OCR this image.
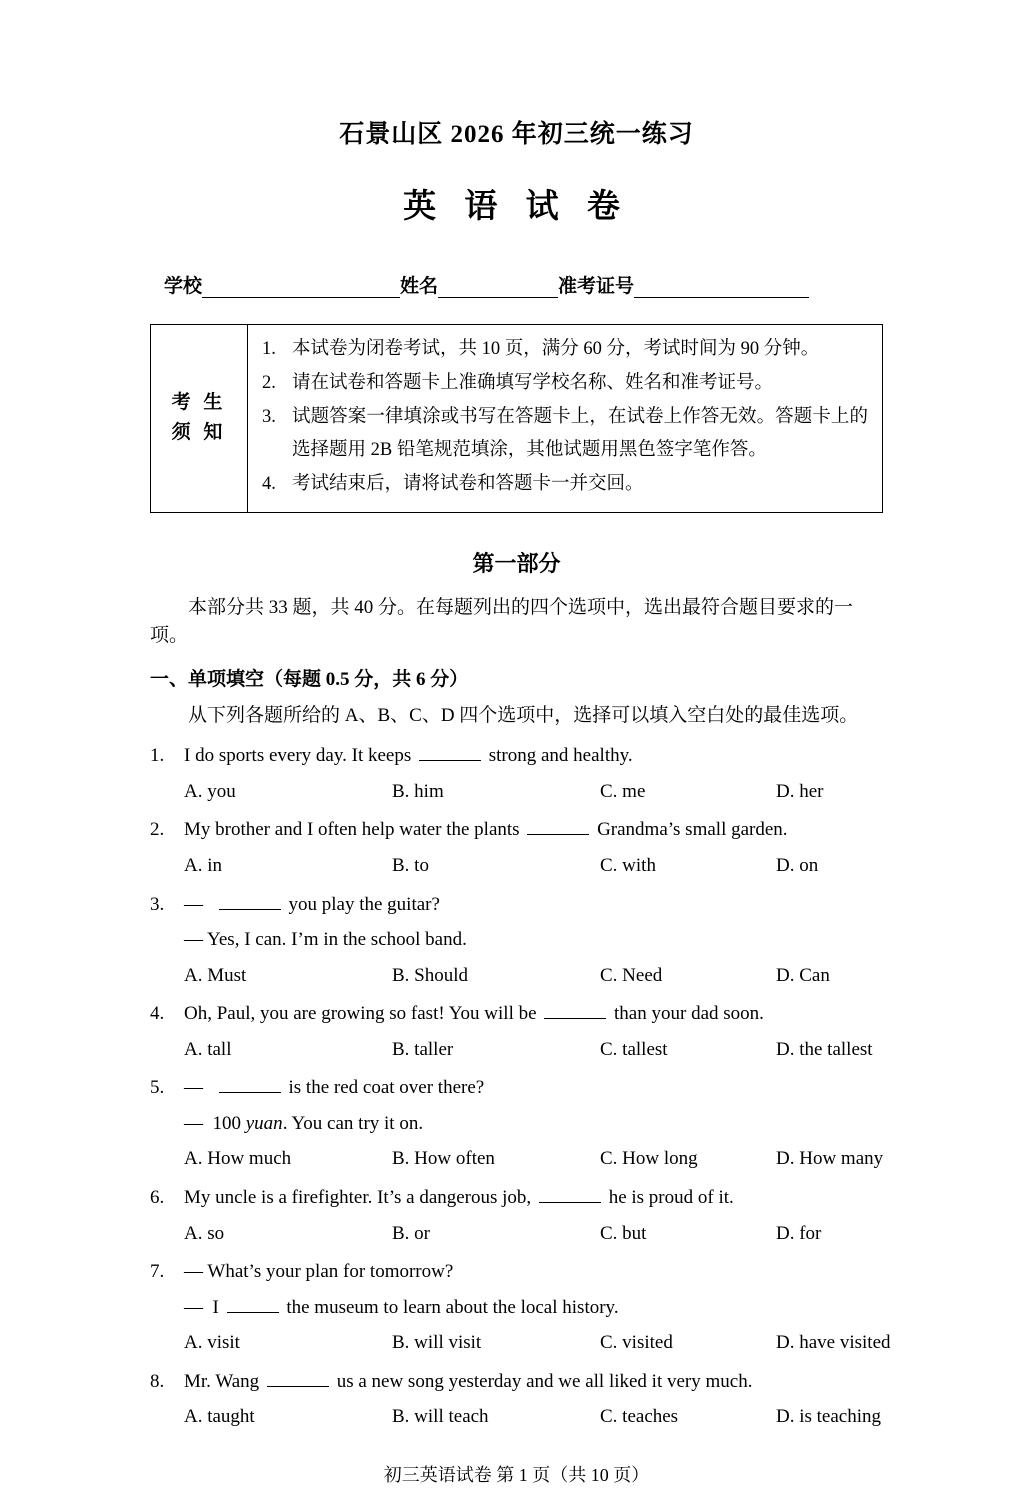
石景山区 2026 年初三统一练习
英 语 试 卷
学校	姓名	准考证号
考 生
须 知
本试卷为闭卷考试，共 10 页，满分 60 分，考试时间为 90 分钟。
请在试卷和答题卡上准确填写学校名称、姓名和准考证号。
试题答案一律填涂或书写在答题卡上，在试卷上作答无效。答题卡上的选择题用 2B 铅笔规范填涂，其他试题用黑色签字笔作答。
考试结束后，请将试卷和答题卡一并交回。
第一部分
本部分共 33 题，共 40 分。在每题列出的四个选项中，选出最符合题目要求的一项。
一、单项填空（每题 0.5 分，共 6 分）
从下列各题所给的 A、B、C、D 四个选项中，选择可以填入空白处的最佳选项。
1.	I do sports every day. It keeps	strong and healthy.
A. you	B. him	C. me	D. her
2.	My brother and I often help water the plants	Grandma’s small garden.
A. in	B. to	C. with	D. on
3.	—	you play the guitar?
— Yes, I can. I’m in the school band.
A. Must	B. Should	C. Need	D. Can
4.	Oh, Paul, you are growing so fast! You will be	than your dad soon.
A. tall	B. taller	C. tallest	D. the tallest
5.	—	is the red coat over there?
—  100 yuan. You can try it on.
A. How much	B. How often	C. How long	D. How many
6.	My uncle is a firefighter. It’s a dangerous job,	he is proud of it.
A. so	B. or	C. but	D. for
7.	— What’s your plan for tomorrow?
—  I	the museum to learn about the local history.
A. visit	B. will visit	C. visited	D. have visited
8.	Mr. Wang	us a new song yesterday and we all liked it very much.
A. taught	B. will teach	C. teaches	D. is teaching
初三英语试卷 第 1 页（共 10 页）
